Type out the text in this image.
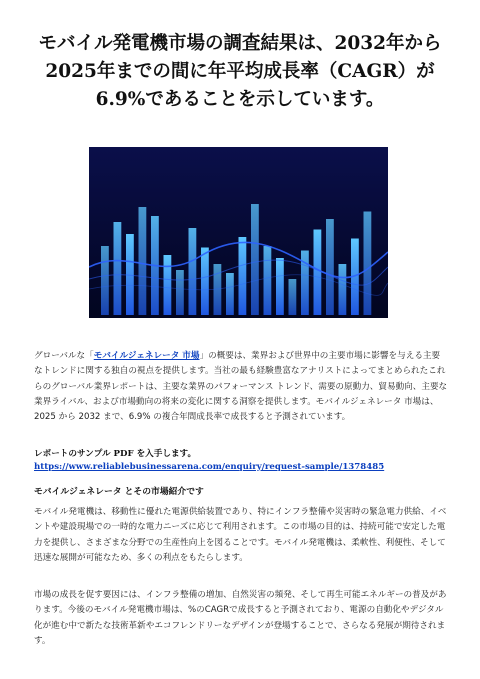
モバイル発電機市場の調査結果は、2032年から2025年までの間に年平均成長率（CAGR）が6.9%であることを示しています。

グローバルな「モバイルジェネレータ 市場」の概要は、業界および世界中の主要市場に影響を与える主要なトレンドに関する独自の視点を提供します。当社の最も経験豊富なアナリストによってまとめられたこれらのグローバル業界レポートは、主要な業界のパフォーマンス トレンド、需要の原動力、貿易動向、主要な業界ライバル、および市場動向の将来の変化に関する洞察を提供します。モバイルジェネレータ 市場は、2025 から 2032 まで、6.9% の複合年間成長率で成長すると予測されています。

レポートのサンプル PDF を入手します。 https://www.reliablebusinessarena.com/enquiry/request-sample/1378485

モバイルジェネレータ とその市場紹介です

モバイル発電機は、移動性に優れた電源供給装置であり、特にインフラ整備や災害時の緊急電力供給、イベントや建設現場での一時的な電力ニーズに応じて利用されます。この市場の目的は、持続可能で安定した電力を提供し、さまざまな分野での生産性向上を図ることです。モバイル発電機は、柔軟性、利便性、そして迅速な展開が可能なため、多くの利点をもたらします。

市場の成長を促す要因には、インフラ整備の増加、自然災害の頻発、そして再生可能エネルギーの普及があります。今後のモバイル発電機市場は、%のCAGRで成長すると予測されており、電源の自動化やデジタル化が進む中で新たな技術革新やエコフレンドリーなデザインが登場することで、さらなる発展が期待されます。
